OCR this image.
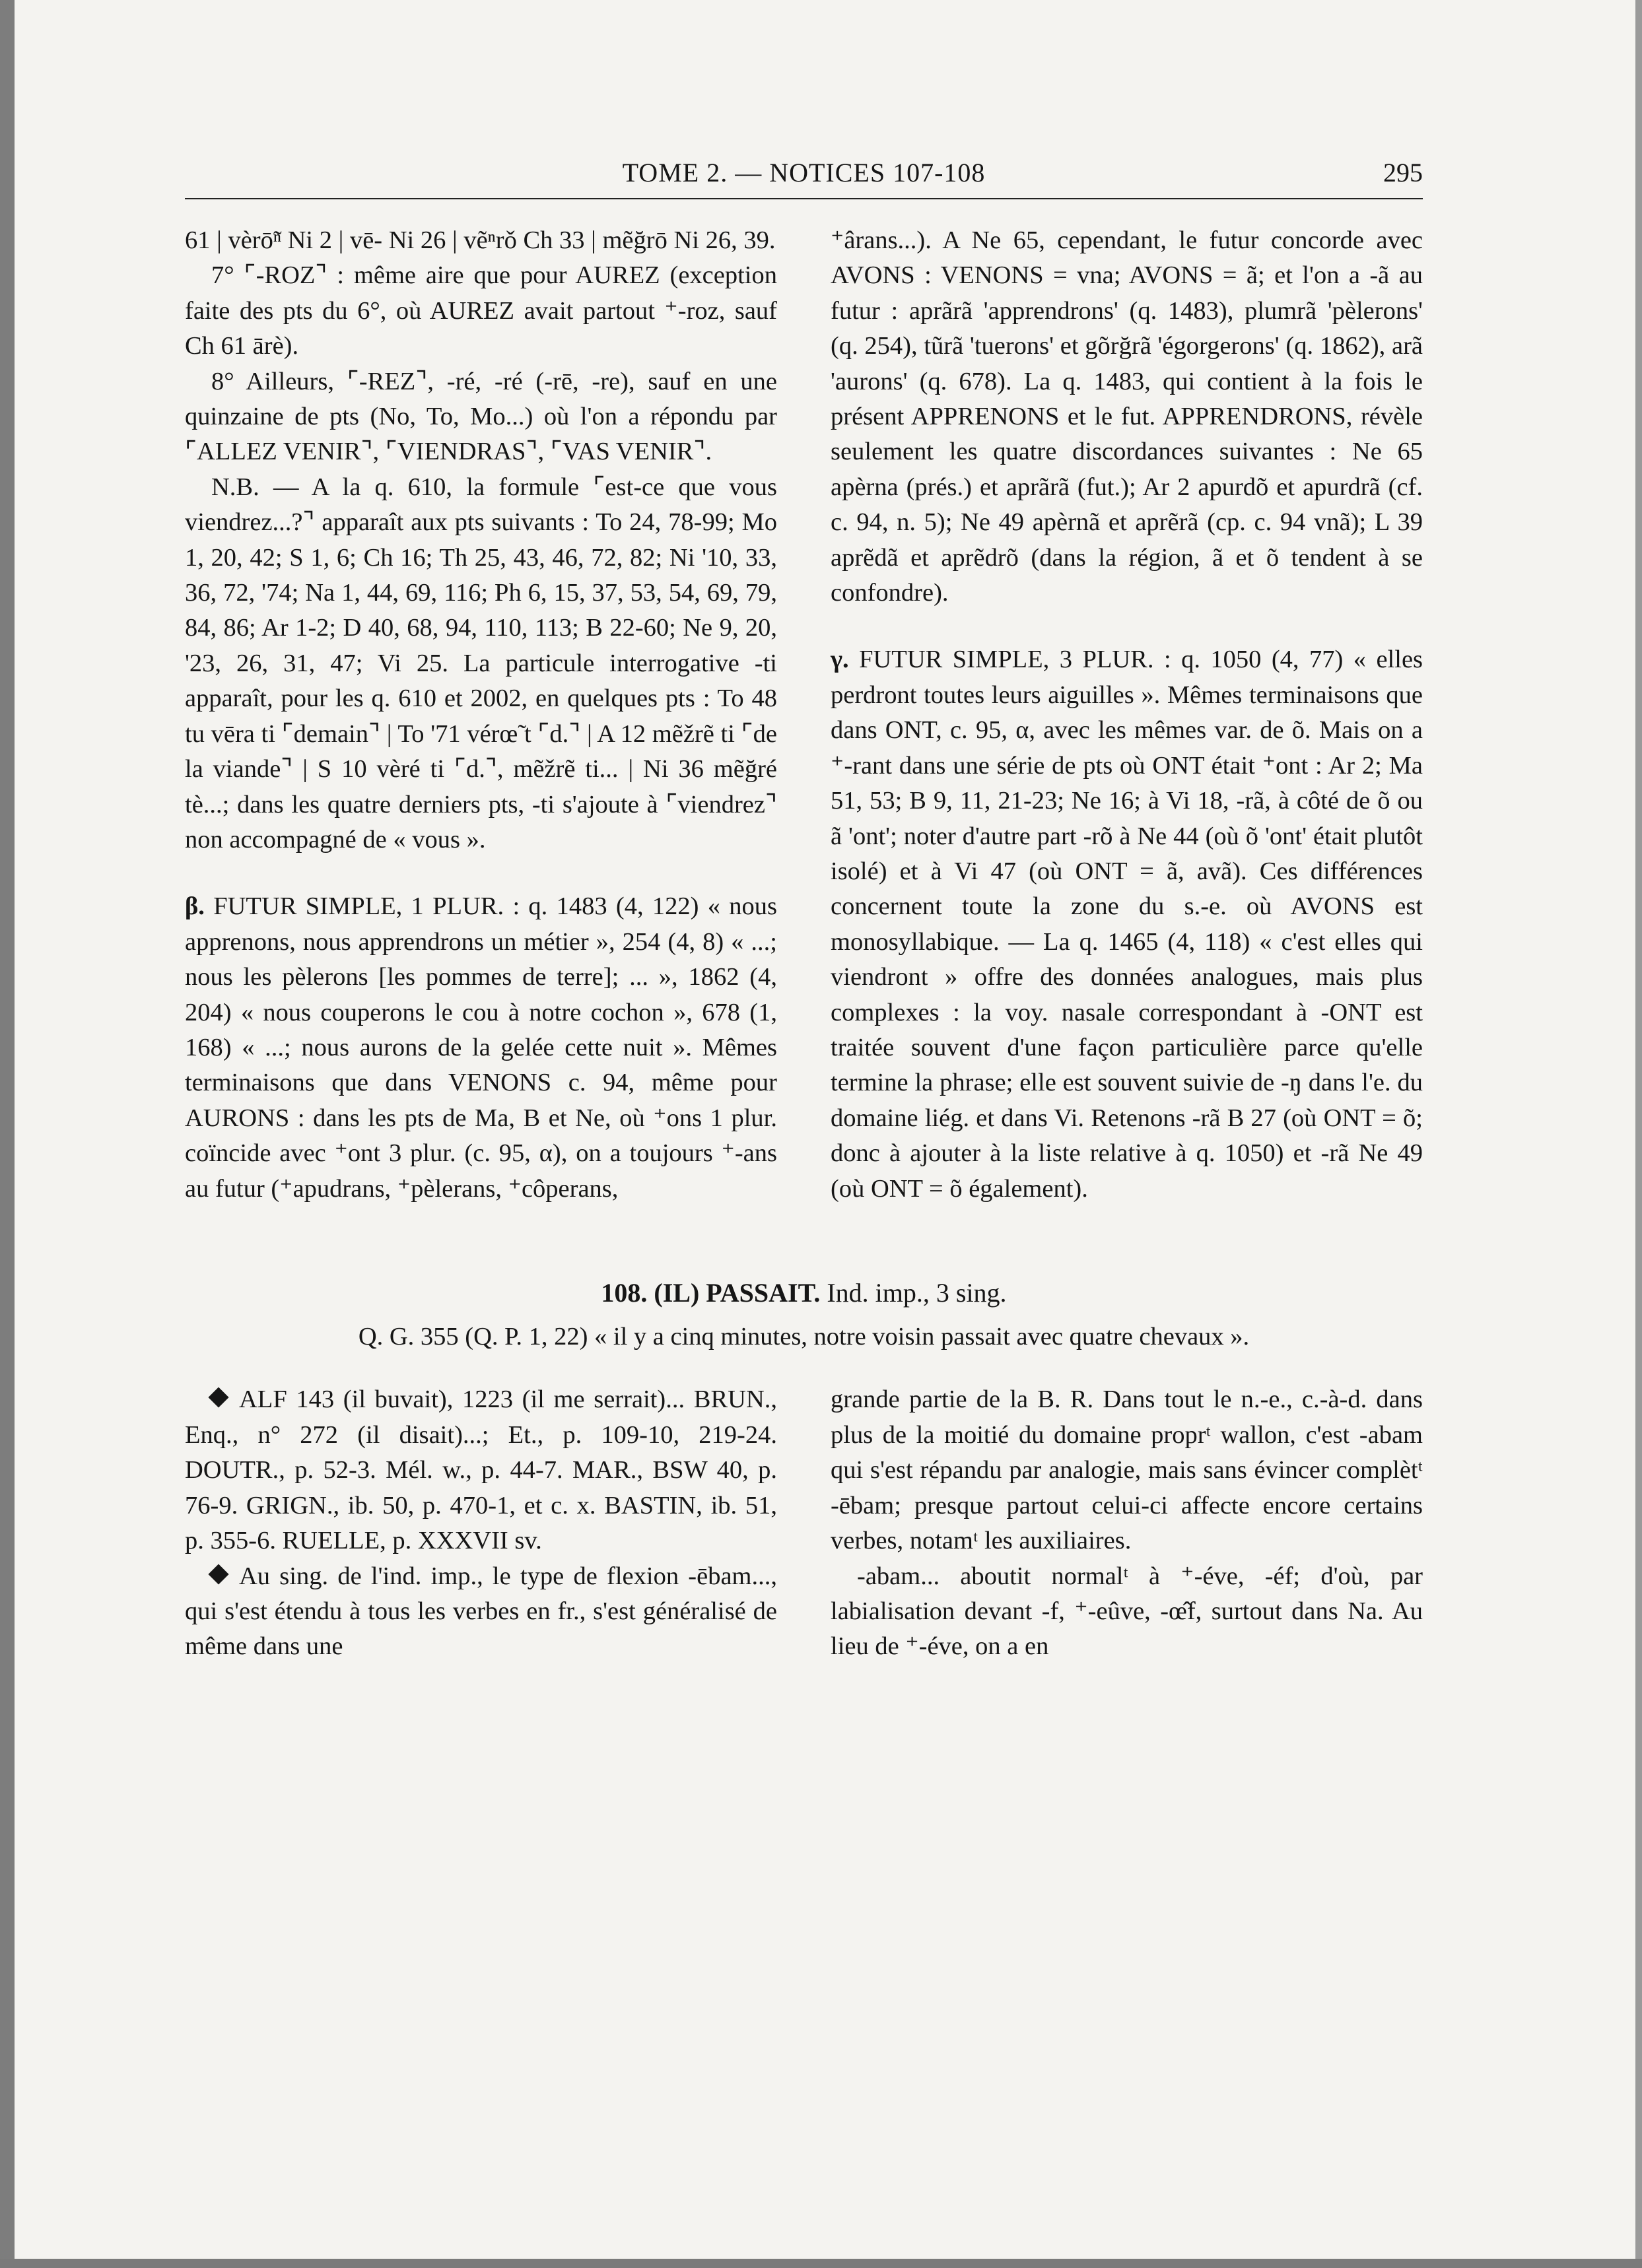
TOME 2. — NOTICES 107-108	295

61 | vèrō̃ⁿ Ni 2 | vē- Ni 26 | vẽⁿrǒ Ch 33 | mẽğrō Ni 26, 39.

7° ⌜-ROZ⌝ : même aire que pour AUREZ (exception faite des pts du 6°, où AUREZ avait partout ⁺-roz, sauf Ch 61 ārè).

8° Ailleurs, ⌜-REZ⌝, -ré, -ré (-rē, -re), sauf en une quinzaine de pts (No, To, Mo...) où l'on a répondu par ⌜ALLEZ VENIR⌝, ⌜VIENDRAS⌝, ⌜VAS VENIR⌝.

N.B. — A la q. 610, la formule ⌜est-ce que vous viendrez...?⌝ apparaît aux pts suivants : To 24, 78-99; Mo 1, 20, 42; S 1, 6; Ch 16; Th 25, 43, 46, 72, 82; Ni '10, 33, 36, 72, '74; Na 1, 44, 69, 116; Ph 6, 15, 37, 53, 54, 69, 79, 84, 86; Ar 1-2; D 40, 68, 94, 110, 113; B 22-60; Ne 9, 20, '23, 26, 31, 47; Vi 25. La particule interrogative -ti apparaît, pour les q. 610 et 2002, en quelques pts : To 48 tu vēra ti ⌜demain⌝ | To '71 vérœ̃ t ⌜d.⌝ | A 12 mẽžrẽ ti ⌜de la viande⌝ | S 10 vèré ti ⌜d.⌝, mẽžrẽ ti... | Ni 36 mẽğré tè...; dans les quatre derniers pts, -ti s'ajoute à ⌜viendrez⌝ non accompagné de « vous ».

β. FUTUR SIMPLE, 1 PLUR. : q. 1483 (4, 122) « nous apprenons, nous apprendrons un métier », 254 (4, 8) « ...; nous les pèlerons [les pommes de terre]; ... », 1862 (4, 204) « nous couperons le cou à notre cochon », 678 (1, 168) « ...; nous aurons de la gelée cette nuit ». Mêmes terminaisons que dans VENONS c. 94, même pour AURONS : dans les pts de Ma, B et Ne, où ⁺ons 1 plur. coïncide avec ⁺ont 3 plur. (c. 95, α), on a toujours ⁺-ans au futur (⁺apudrans, ⁺pèlerans, ⁺côperans,

⁺ârans...). A Ne 65, cependant, le futur concorde avec AVONS : VENONS = vna; AVONS = ã; et l'on a -ã au futur : aprãrã 'apprendrons' (q. 1483), plumrã 'pèlerons' (q. 254), tũrã 'tuerons' et gõrğrã 'égorgerons' (q. 1862), arã 'aurons' (q. 678). La q. 1483, qui contient à la fois le présent APPRENONS et le fut. APPRENDRONS, révèle seulement les quatre discordances suivantes : Ne 65 apèrna (prés.) et aprãrã (fut.); Ar 2 apurdõ et apurdrã (cf. c. 94, n. 5); Ne 49 apèrnã et aprẽrã (cp. c. 94 vnã); L 39 aprẽdã et aprẽdrõ (dans la région, ã et õ tendent à se confondre).

γ. FUTUR SIMPLE, 3 PLUR. : q. 1050 (4, 77) « elles perdront toutes leurs aiguilles ». Mêmes terminaisons que dans ONT, c. 95, α, avec les mêmes var. de õ. Mais on a ⁺-rant dans une série de pts où ONT était ⁺ont : Ar 2; Ma 51, 53; B 9, 11, 21-23; Ne 16; à Vi 18, -rã, à côté de õ ou ã 'ont'; noter d'autre part -rõ à Ne 44 (où õ 'ont' était plutôt isolé) et à Vi 47 (où ONT = ã, avã). Ces différences concernent toute la zone du s.-e. où AVONS est monosyllabique. — La q. 1465 (4, 118) « c'est elles qui viendront » offre des données analogues, mais plus complexes : la voy. nasale correspondant à -ONT est traitée souvent d'une façon particulière parce qu'elle termine la phrase; elle est souvent suivie de -ŋ dans l'e. du domaine liég. et dans Vi. Retenons -rã B 27 (où ONT = õ; donc à ajouter à la liste relative à q. 1050) et -rã Ne 49 (où ONT = õ également).

108. (IL) PASSAIT. Ind. imp., 3 sing.
Q. G. 355 (Q. P. 1, 22) « il y a cinq minutes, notre voisin passait avec quatre chevaux ».

ALF 143 (il buvait), 1223 (il me serrait)... BRUN., Enq., n° 272 (il disait)...; Et., p. 109-10, 219-24. DOUTR., p. 52-3. Mél. w., p. 44-7. MAR., BSW 40, p. 76-9. GRIGN., ib. 50, p. 470-1, et c. x. BASTIN, ib. 51, p. 355-6. RUELLE, p. XXXVII sv.

Au sing. de l'ind. imp., le type de flexion -ēbam..., qui s'est étendu à tous les verbes en fr., s'est généralisé de même dans une

grande partie de la B. R. Dans tout le n.-e., c.-à-d. dans plus de la moitié du domaine proprᵗ wallon, c'est -abam qui s'est répandu par analogie, mais sans évincer complètᵗ -ēbam; presque partout celui-ci affecte encore certains verbes, notamᵗ les auxiliaires.

-abam... aboutit normalᵗ à ⁺-éve, -éf; d'où, par labialisation devant -f, ⁺-eûve, -œ̂f, surtout dans Na. Au lieu de ⁺-éve, on a en
